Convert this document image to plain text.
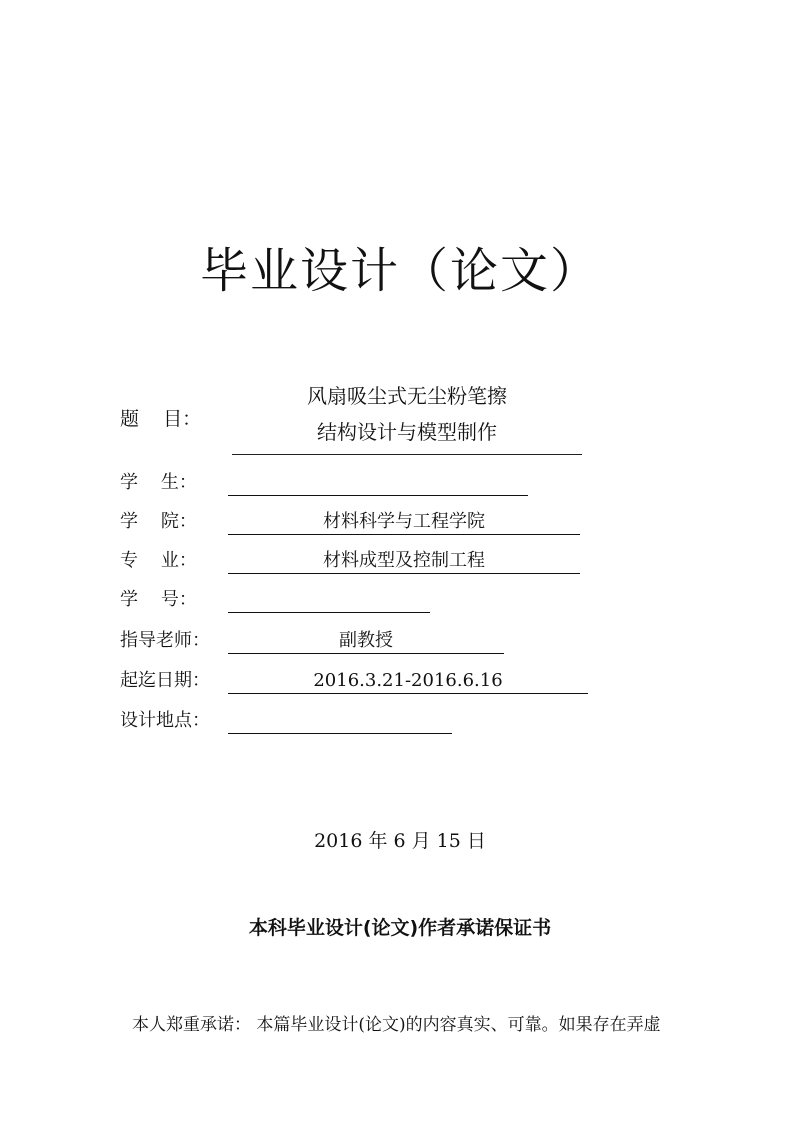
毕业设计（论文）
题    目：
风扇吸尘式无尘粉笔擦
结构设计与模型制作
学    生：
学    院：	材料科学与工程学院
专    业：	材料成型及控制工程
学    号：
指导老师：	副教授
起迄日期：	2016.3.21-2016.6.16
设计地点：
2016 年 6 月 15 日
本科毕业设计(论文)作者承诺保证书
本人郑重承诺： 本篇毕业设计(论文)的内容真实、可靠。如果存在弄虚
